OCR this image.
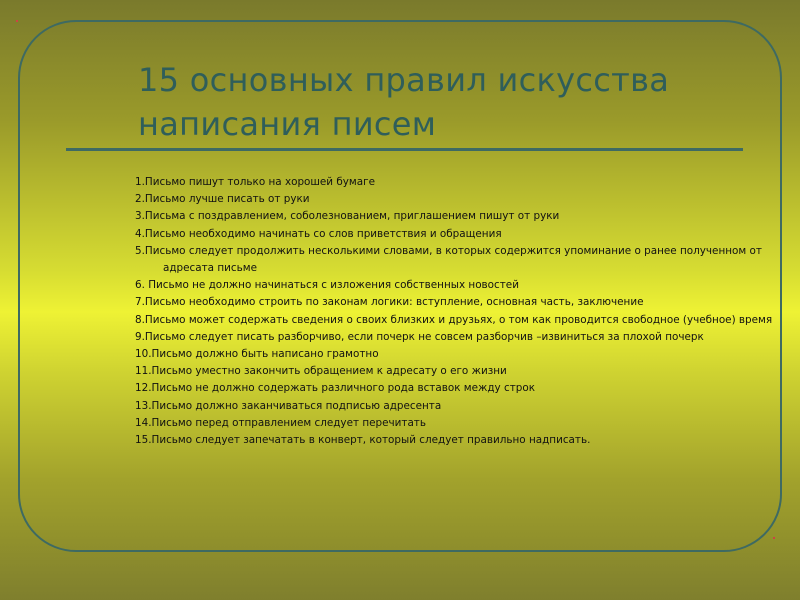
15 основных правил искусства написания писем
1.Письмо пишут только на хорошей бумаге
2.Письмо лучше писать от руки
3.Письма с поздравлением, соболезнованием, приглашением пишут от руки
4.Письмо необходимо начинать со слов приветствия и обращения
5.Письмо следует продолжить несколькими словами, в которых содержится упоминание о ранее полученном от адресата письме
6. Письмо не должно начинаться с изложения собственных новостей
7.Письмо необходимо строить по законам логики: вступление, основная часть, заключение
8.Письмо может содержать сведения о своих близких и друзьях, о том как проводится свободное (учебное) время
9.Письмо следует писать разборчиво, если почерк не совсем разборчив –извиниться за плохой почерк
10.Письмо должно быть написано грамотно
11.Письмо уместно закончить обращением к адресату о его жизни
12.Письмо не должно содержать различного рода вставок между строк
13.Письмо должно заканчиваться подписью адресента
14.Письмо перед отправлением следует перечитать
15.Письмо следует запечатать в конверт, который следует правильно надписать.
